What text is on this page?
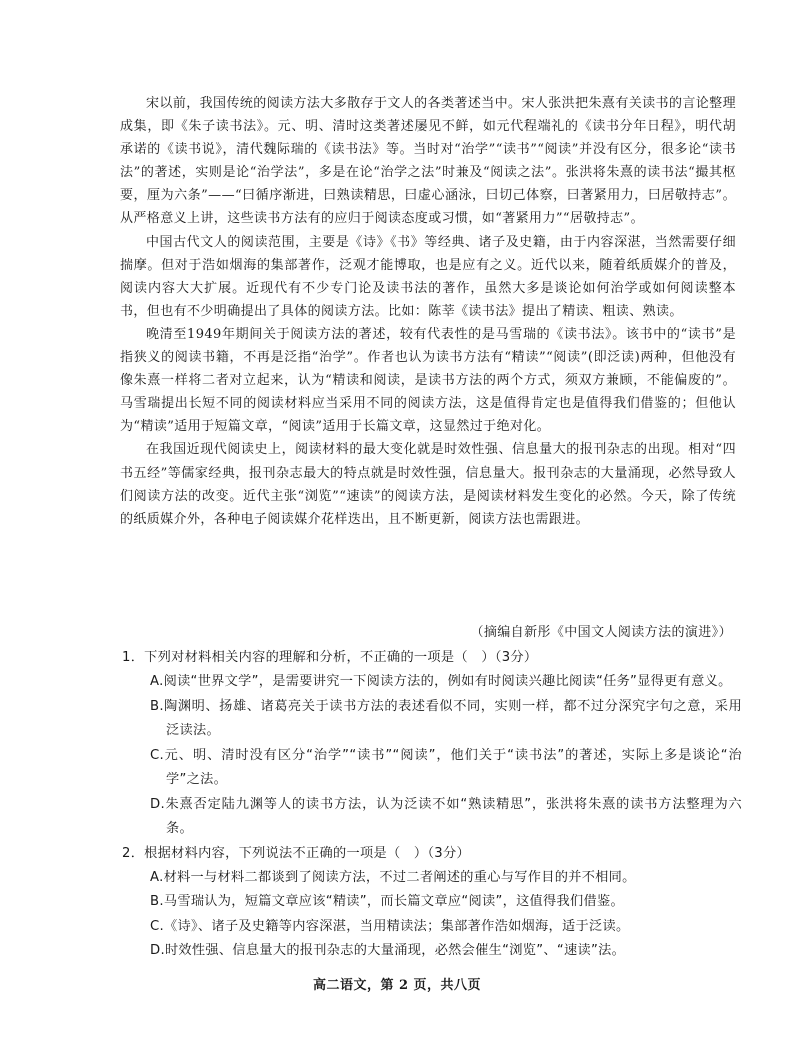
宋以前，我国传统的阅读方法大多散存于文人的各类著述当中。宋人张洪把朱熹有关读书的言论整理成集，即《朱子读书法》。元、明、清时这类著述屡见不鲜，如元代程端礼的《读书分年日程》，明代胡承诺的《读书说》，清代魏际瑞的《读书法》等。当时对“治学”“读书”“阅读”并没有区分，很多论“读书法”的著述，实则是论“治学法”，多是在论“治学之法”时兼及“阅读之法”。张洪将朱熹的读书法“撮其枢要，厘为六条”——“曰循序渐进，曰熟读精思，曰虚心涵泳，曰切己体察，曰著紧用力，曰居敬持志”。从严格意义上讲，这些读书方法有的应归于阅读态度或习惯，如“著紧用力”“居敬持志”。

中国古代文人的阅读范围，主要是《诗》《书》等经典、诸子及史籍，由于内容深湛，当然需要仔细揣摩。但对于浩如烟海的集部著作，泛观才能博取，也是应有之义。近代以来，随着纸质媒介的普及，阅读内容大大扩展。近现代有不少专门论及读书法的著作，虽然大多是谈论如何治学或如何阅读整本书，但也有不少明确提出了具体的阅读方法。比如：陈莘《读书法》提出了精读、粗读、熟读。

晚清至1949年期间关于阅读方法的著述，较有代表性的是马雪瑞的《读书法》。该书中的“读书”是指狭义的阅读书籍，不再是泛指“治学”。作者也认为读书方法有“精读”“阅读”(即泛读)两种，但他没有像朱熹一样将二者对立起来，认为“精读和阅读，是读书方法的两个方式，须双方兼顾，不能偏废的”。马雪瑞提出长短不同的阅读材料应当采用不同的阅读方法，这是值得肯定也是值得我们借鉴的；但他认为“精读”适用于短篇文章，“阅读”适用于长篇文章，这显然过于绝对化。

在我国近现代阅读史上，阅读材料的最大变化就是时效性强、信息量大的报刊杂志的出现。相对“四书五经”等儒家经典，报刊杂志最大的特点就是时效性强，信息量大。报刊杂志的大量涌现，必然导致人们阅读方法的改变。近代主张“浏览”“速读”的阅读方法，是阅读材料发生变化的必然。今天，除了传统的纸质媒介外，各种电子阅读媒介花样迭出，且不断更新，阅读方法也需跟进。

（摘编自新彤《中国文人阅读方法的演进》）

1．下列对材料相关内容的理解和分析，不正确的一项是（　）（3分）

A.阅读“世界文学”，是需要讲究一下阅读方法的，例如有时阅读兴趣比阅读“任务”显得更有意义。

B.陶渊明、扬雄、诸葛亮关于读书方法的表述看似不同，实则一样，都不过分深究字句之意，采用泛读法。

C.元、明、清时没有区分“治学”“读书”“阅读”，他们关于“读书法”的著述，实际上多是谈论“治学”之法。

D.朱熹否定陆九渊等人的读书方法，认为泛读不如“熟读精思”，张洪将朱熹的读书方法整理为六条。

2．根据材料内容，下列说法不正确的一项是（　）（3分）

A.材料一与材料二都谈到了阅读方法，不过二者阐述的重心与写作目的并不相同。

B.马雪瑞认为，短篇文章应该“精读”，而长篇文章应“阅读”，这值得我们借鉴。

C.《诗》、诸子及史籍等内容深湛，当用精读法；集部著作浩如烟海，适于泛读。

D.时效性强、信息量大的报刊杂志的大量涌现，必然会催生“浏览”、“速读”法。

高二语文，第 2 页，共八页
